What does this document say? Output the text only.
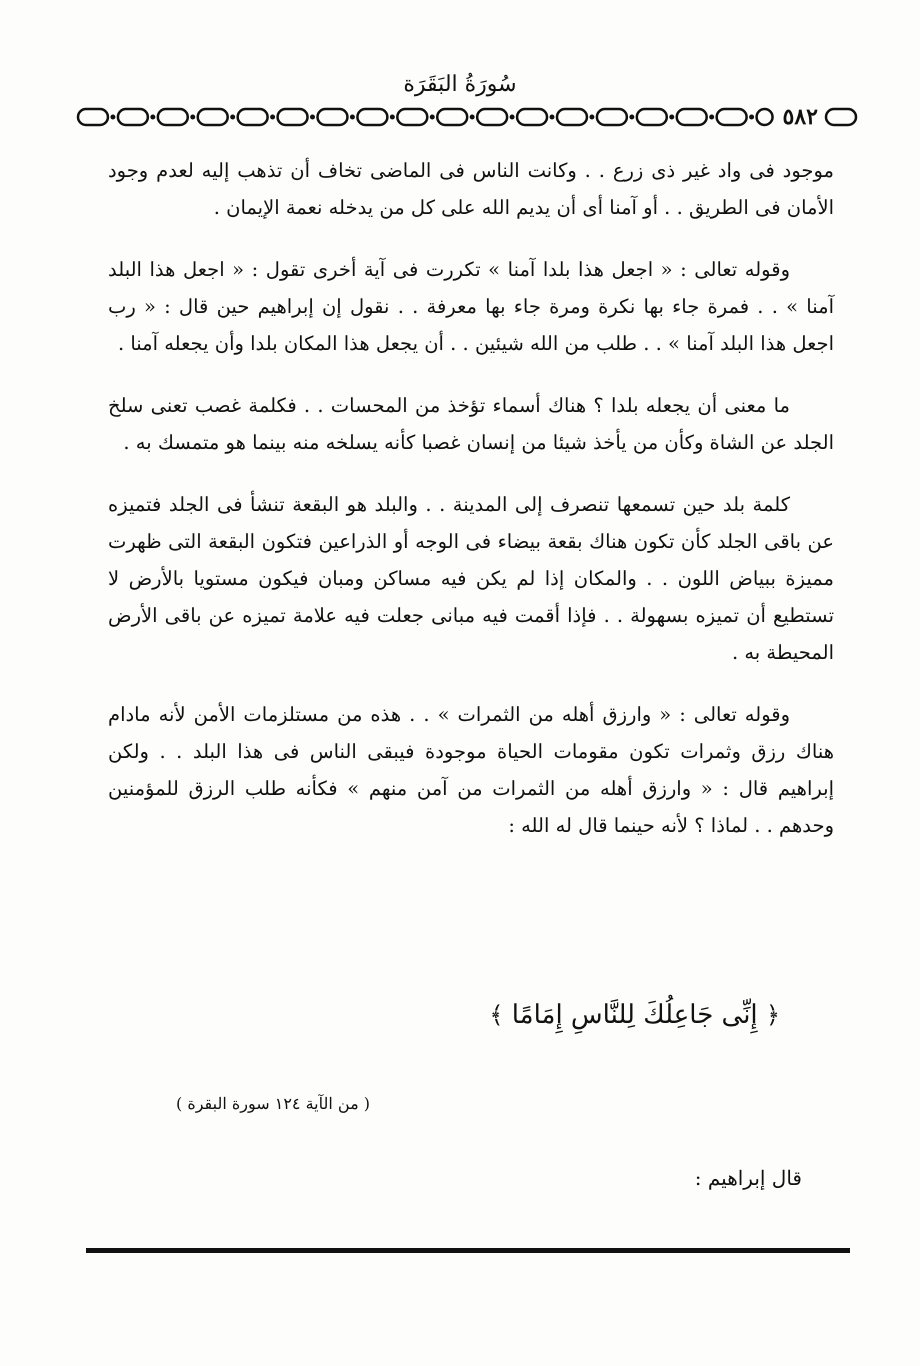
سُورَةُ البَقَرَة
٥٨٢

موجود فى واد غير ذى زرع . . وكانت الناس فى الماضى تخاف أن تذهب إليه لعدم وجود الأمان فى الطريق . . أو آمنا أى أن يديم الله على كل من يدخله نعمة الإيمان .

وقوله تعالى : « اجعل هذا بلدا آمنا » تكررت فى آية أخرى تقول : « اجعل هذا البلد آمنا » . . فمرة جاء بها نكرة ومرة جاء بها معرفة . . نقول إن إبراهيم حين قال : « رب اجعل هذا البلد آمنا » . . طلب من الله شيئين . . أن يجعل هذا المكان بلدا وأن يجعله آمنا .

ما معنى أن يجعله بلدا ؟ هناك أسماء تؤخذ من المحسات . . فكلمة غصب تعنى سلخ الجلد عن الشاة وكأن من يأخذ شيئا من إنسان غصبا كأنه يسلخه منه بينما هو متمسك به .

كلمة بلد حين تسمعها تنصرف إلى المدينة . . والبلد هو البقعة تنشأ فى الجلد فتميزه عن باقى الجلد كأن تكون هناك بقعة بيضاء فى الوجه أو الذراعين فتكون البقعة التى ظهرت مميزة ببياض اللون . . والمكان إذا لم يكن فيه مساكن ومبان فيكون مستويا بالأرض لا تستطيع أن تميزه بسهولة . . فإذا أقمت فيه مبانى جعلت فيه علامة تميزه عن باقى الأرض المحيطة به .

وقوله تعالى : « وارزق أهله من الثمرات » . . هذه من مستلزمات الأمن لأنه مادام هناك رزق وثمرات تكون مقومات الحياة موجودة فيبقى الناس فى هذا البلد . . ولكن إبراهيم قال : « وارزق أهله من الثمرات من آمن منهم » فكأنه طلب الرزق للمؤمنين وحدهم . . لماذا ؟ لأنه حينما قال له الله :

﴿ إِنِّى جَاعِلُكَ لِلنَّاسِ إِمَامًا ﴾
( من الآية ١٢٤ سورة البقرة )
قال إبراهيم :
